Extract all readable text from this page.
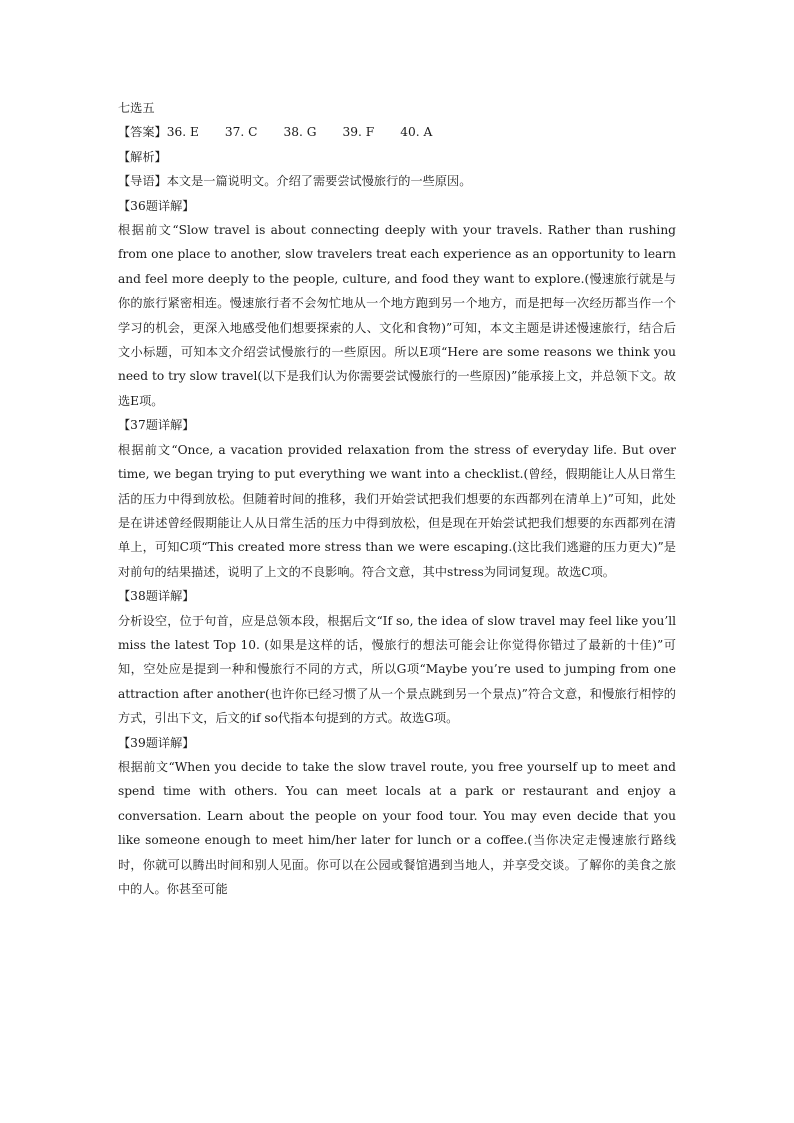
七选五
【答案】 36. E 37. C 38. G 39. F 40. A
【解析】
【导语】本文是一篇说明文。介绍了需要尝试慢旅行的一些原因。
【36题详解】

根据前文“Slow travel is about connecting deeply with your travels. Rather than rushing from one place to another, slow travelers treat each experience as an opportunity to learn and feel more deeply to the people, culture, and food they want to explore.(慢速旅行就是与你的旅行紧密相连。慢速旅行者不会匆忙地从一个地方跑到另一个地方，而是把每一次经历都当作一个学习的机会，更深入地感受他们想要探索的人、文化和食物)”可知，本文主题是讲述慢速旅行，结合后文小标题，可知本文介绍尝试慢旅行的一些原因。所以E项“Here are some reasons we think you need to try slow travel(以下是我们认为你需要尝试慢旅行的一些原因)”能承接上文，并总领下文。故选E项。

【37题详解】

根据前文“Once, a vacation provided relaxation from the stress of everyday life. But over time, we began trying to put everything we want into a checklist.(曾经，假期能让人从日常生活的压力中得到放松。但随着时间的推移，我们开始尝试把我们想要的东西都列在清单上)”可知，此处是在讲述曾经假期能让人从日常生活的压力中得到放松，但是现在开始尝试把我们想要的东西都列在清单上，可知C项“This created more stress than we were escaping.(这比我们逃避的压力更大)”是对前句的结果描述，说明了上文的不良影响。符合文意，其中stress为同词复现。故选C项。

【38题详解】

分析设空，位于句首，应是总领本段，根据后文“If so, the idea of slow travel may feel like you’ll miss the latest Top 10. (如果是这样的话，慢旅行的想法可能会让你觉得你错过了最新的十佳)”可知，空处应是提到一种和慢旅行不同的方式，所以G项“Maybe you’re used to jumping from one attraction after another(也许你已经习惯了从一个景点跳到另一个景点)”符合文意，和慢旅行相悖的方式，引出下文，后文的if so代指本句提到的方式。故选G项。

【39题详解】

根据前文“When you decide to take the slow travel route, you free yourself up to meet and spend time with others. You can meet locals at a park or restaurant and enjoy a conversation. Learn about the people on your food tour. You may even decide that you like someone enough to meet him/her later for lunch or a coffee.(当你决定走慢速旅行路线时，你就可以腾出时间和别人见面。你可以在公园或餐馆遇到当地人，并享受交谈。了解你的美食之旅中的人。你甚至可能
